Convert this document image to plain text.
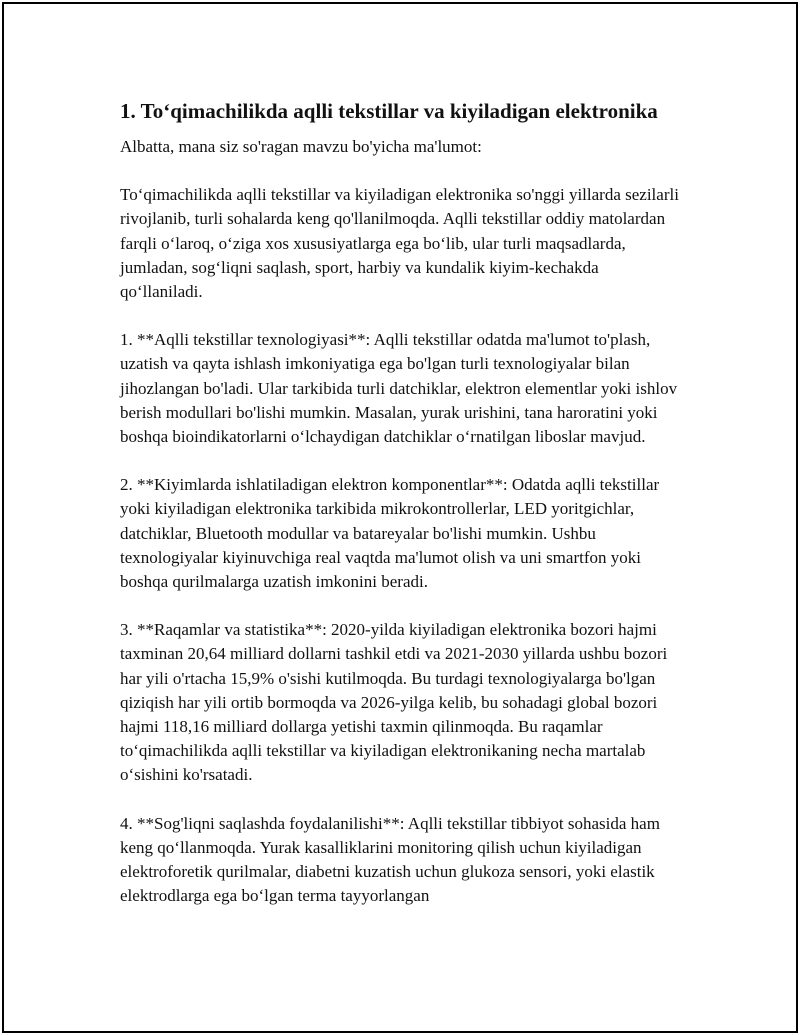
1. To‘qimachilikda aqlli tekstillar va kiyiladigan elektronika

Albatta, mana siz so'ragan mavzu bo'yicha ma'lumot:

To‘qimachilikda aqlli tekstillar va kiyiladigan elektronika so'nggi yillarda sezilarli rivojlanib, turli sohalarda keng qo'llanilmoqda. Aqlli tekstillar oddiy matolardan farqli o‘laroq, o‘ziga xos xususiyatlarga ega bo‘lib, ular turli maqsadlarda, jumladan, sog‘liqni saqlash, sport, harbiy va kundalik kiyim-kechakda qo‘llaniladi.

1. **Aqlli tekstillar texnologiyasi**: Aqlli tekstillar odatda ma'lumot to'plash, uzatish va qayta ishlash imkoniyatiga ega bo'lgan turli texnologiyalar bilan jihozlangan bo'ladi. Ular tarkibida turli datchiklar, elektron elementlar yoki ishlov berish modullari bo'lishi mumkin. Masalan, yurak urishini, tana haroratini yoki boshqa bioindikatorlarni o‘lchaydigan datchiklar o‘rnatilgan liboslar mavjud.

2. **Kiyimlarda ishlatiladigan elektron komponentlar**: Odatda aqlli tekstillar yoki kiyiladigan elektronika tarkibida mikrokontrollerlar, LED yoritgichlar, datchiklar, Bluetooth modullar va batareyalar bo'lishi mumkin. Ushbu texnologiyalar kiyinuvchiga real vaqtda ma'lumot olish va uni smartfon yoki boshqa qurilmalarga uzatish imkonini beradi.

3. **Raqamlar va statistika**: 2020-yilda kiyiladigan elektronika bozori hajmi taxminan 20,64 milliard dollarni tashkil etdi va 2021-2030 yillarda ushbu bozori har yili o'rtacha 15,9% o'sishi kutilmoqda. Bu turdagi texnologiyalarga bo'lgan qiziqish har yili ortib bormoqda va 2026-yilga kelib, bu sohadagi global bozori hajmi 118,16 milliard dollarga yetishi taxmin qilinmoqda. Bu raqamlar to‘qimachilikda aqlli tekstillar va kiyiladigan elektronikaning necha martalab o‘sishini ko'rsatadi.

4. **Sog'liqni saqlashda foydalanilishi**: Aqlli tekstillar tibbiyot sohasida ham keng qo‘llanmoqda. Yurak kasalliklarini monitoring qilish uchun kiyiladigan elektroforetik qurilmalar, diabetni kuzatish uchun glukoza sensori, yoki elastik elektrodlarga ega bo‘lgan terma tayyorlangan
